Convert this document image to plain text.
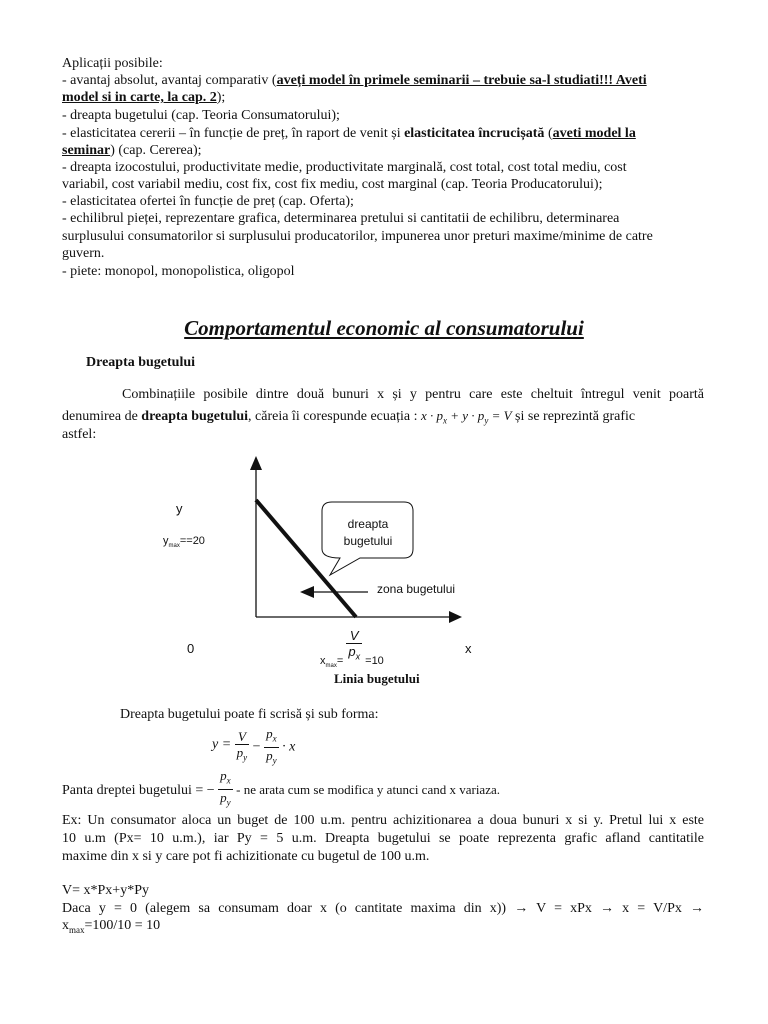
Aplicații posibile:
- avantaj absolut, avantaj comparativ (aveți model în primele seminarii – trebuie sa-l studiati!!! Aveti
model si in carte, la cap. 2);
- dreapta bugetului (cap. Teoria Consumatorului);
- elasticitatea cererii – în funcție de preț, în raport de venit și elasticitatea încrucișată (aveti model la
seminar) (cap. Cererea);
- dreapta izocostului, productivitate medie, productivitate marginală, cost total, cost total mediu, cost
variabil, cost variabil mediu, cost fix, cost fix mediu, cost marginal (cap. Teoria Producatorului);
- elasticitatea ofertei în funcție de preț (cap. Oferta);
- echilibrul pieței, reprezentare grafica, determinarea pretului si cantitatii de echilibru, determinarea
surplusului consumatorilor si surplusului producatorilor, impunerea unor preturi maxime/minime de catre
guvern.
- piete: monopol, monopolistica, oligopol
Comportamentul economic al consumatorului
Dreapta bugetului
Combinațiile posibile dintre două bunuri x și y pentru care este cheltuit întregul venit poartă
denumirea de dreapta bugetului, căreia îi corespunde ecuația : $x \cdot p_x + y \cdot p_y = V$ și se reprezintă grafic
astfel:
y
$y_{max}==20$
dreapta
bugetului
zona bugetului
0
$x_{max}= \frac{V}{p_x} =10$
x
Linia bugetului
Dreapta bugetului poate fi scrisă și sub forma:
$y = \frac{V}{p_y} - \frac{p_x}{p_y} \cdot x$
Panta dreptei bugetului = − $\frac{p_x}{p_y}$ - ne arata cum se modifica y atunci cand x variaza.
Ex: Un consumator aloca un buget de 100 u.m. pentru achizitionarea a doua bunuri x si y. Pretul lui x este
10 u.m (Px= 10 u.m.), iar Py = 5 u.m. Dreapta bugetului se poate reprezenta grafic afland cantitatile
maxime din x si y care pot fi achizitionate cu bugetul de 100 u.m.
V= x*Px+y*Py
Daca y = 0 (alegem sa consumam doar x (o cantitate maxima din x)) → V = xPx → x = V/Px →
$x_{max}=100/10 = 10$
